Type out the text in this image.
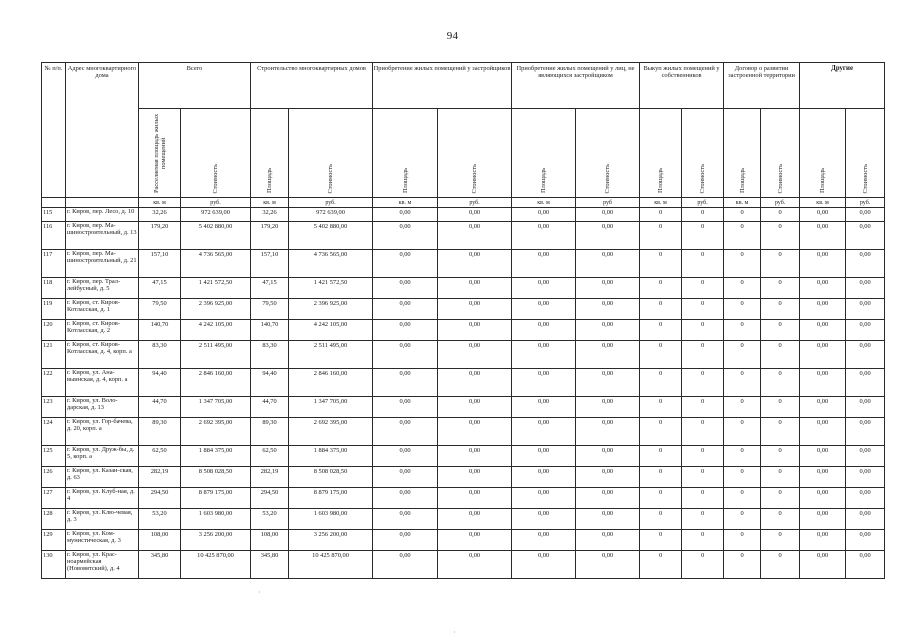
94
№ п/п.	Адрес многоквартирного дома	Всего		Строительство многоквартирных домов		Приобретение жилых помещений у застройщиков		Приобретение жилых помещений у лиц, не являющихся застройщиком		Выкуп жилых помещений у собственников		Договор о развитии застроенной территории		Другие	

		Расселяемая площадь жилых помещений	Стоимость	Площадь	Стоимость	Площадь	Стоимость	Площадь	Стоимость	Площадь	Стоимость	Площадь	Стоимость	Площадь	Стоимость

		кв. м	руб.	кв. м	руб.	кв. м	руб.	кв. м	руб	кв. м	руб.	кв. м	руб.	кв. м	руб.
115	г. Киров, пер. Лесо, д. 10	32,26	972 639,00	32,26	972 639,00	0,00	0,00	0,00	0,00	0	0	0	0	0,00	0,00
116	г. Киров, пер. Ма-шиностроительный, д. 13	179,20	5 402 880,00	179,20	5 402 880,00	0,00	0,00	0,00	0,00	0	0	0	0	0,00	0,00
117	г. Киров, пер. Ма-шиностроительный, д. 21	157,10	4 736 565,00	157,10	4 736 565,00	0,00	0,00	0,00	0,00	0	0	0	0	0,00	0,00
118	г. Киров, пер. Трал-лейбусный, д. 5	47,15	1 421 572,50	47,15	1 421 572,50	0,00	0,00	0,00	0,00	0	0	0	0	0,00	0,00
119	г. Киров, ст. Киров-Котласская, д. 1	79,50	2 396 925,00	79,50	2 396 925,00	0,00	0,00	0,00	0,00	0	0	0	0	0,00	0,00
120	г. Киров, ст. Киров-Котласская, д. 2	140,70	4 242 105,00	140,70	4 242 105,00	0,00	0,00	0,00	0,00	0	0	0	0	0,00	0,00
121	г. Киров, ст. Киров-Котласская, д. 4, корп. а	83,30	2 511 495,00	83,30	2 511 495,00	0,00	0,00	0,00	0,00	0	0	0	0	0,00	0,00
122	г. Киров, ул. Ана-выинская, д. 4, корп. а	94,40	2 846 160,00	94,40	2 846 160,00	0,00	0,00	0,00	0,00	0	0	0	0	0,00	0,00
123	г. Киров, ул. Воло-дарская, д. 13	44,70	1 347 705,00	44,70	1 347 705,00	0,00	0,00	0,00	0,00	0	0	0	0	0,00	0,00
124	г. Киров, ул. Гор-бачева, д. 20, корп. а	89,30	2 692 395,00	89,30	2 692 395,00	0,00	0,00	0,00	0,00	0	0	0	0	0,00	0,00
125	г. Киров, ул. Друж-бы, д. 5, корп. а	62,50	1 884 375,00	62,50	1 884 375,00	0,00	0,00	0,00	0,00	0	0	0	0	0,00	0,00
126	г. Киров, ул. Казан-ская, д. 63	282,19	8 508 028,50	282,19	8 508 028,50	0,00	0,00	0,00	0,00	0	0	0	0	0,00	0,00
127	г. Киров, ул. Клуб-ная, д. 4	294,50	8 879 175,00	294,50	8 879 175,00	0,00	0,00	0,00	0,00	0	0	0	0	0,00	0,00
128	г. Киров, ул. Клю-чевая, д. 3	53,20	1 603 980,00	53,20	1 603 980,00	0,00	0,00	0,00	0,00	0	0	0	0	0,00	0,00
129	г. Киров, ул. Ком-мунистическая, д. 3	108,00	3 256 200,00	108,00	3 256 200,00	0,00	0,00	0,00	0,00	0	0	0	0	0,00	0,00
130	г. Киров, ул. Крас-ноармейская (Нововятский), д. 4	345,80	10 425 870,00	345,80	10 425 870,00	0,00	0,00	0,00	0,00	0	0	0	0	0,00	0,00
·
·
